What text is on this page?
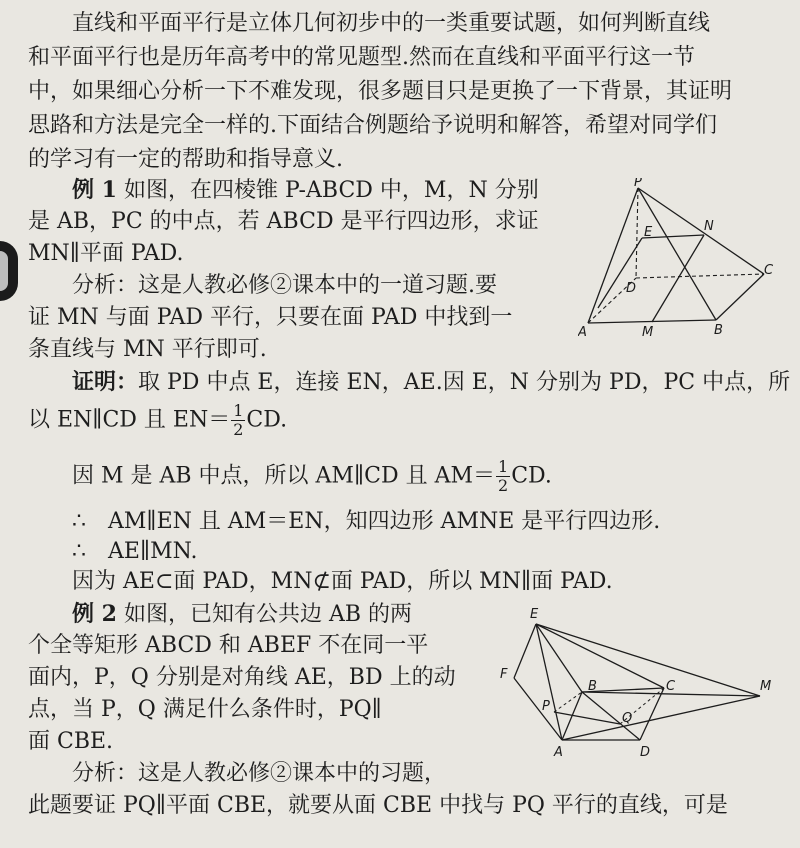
直线和平面平行是立体几何初步中的一类重要试题，如何判断直线
和平面平行也是历年高考中的常见题型.然而在直线和平面平行这一节
中，如果细心分析一下不难发现，很多题目只是更换了一下背景，其证明
思路和方法是完全一样的.下面结合例题给予说明和解答，希望对同学们
的学习有一定的帮助和指导意义.
例 1 如图，在四棱锥 P-ABCD 中，M，N 分别
是 AB，PC 的中点，若 ABCD 是平行四边形，求证
MN∥平面 PAD.
分析：这是人教必修②课本中的一道习题.要
证 MN 与面 PAD 平行，只要在面 PAD 中找到一
条直线与 MN 平行即可.
P
E	N
C
D
A	M	B
证明：取 PD 中点 E，连接 EN，AE.因 E，N 分别为 PD，PC 中点，所
以 EN∥CD 且 $EN= \frac{1}{2}$ CD.
因 M 是 AB 中点，所以 AM∥CD 且 $AM= \frac{1}{2}$ CD.
∴　AM∥EN 且 AM＝EN，知四边形 AMNE 是平行四边形.
∴　AE∥MN.
因为 AE⊂面 PAD，MN⊄面 PAD，所以 MN∥面 PAD.
例 2 如图，已知有公共边 AB 的两
个全等矩形 ABCD 和 ABEF 不在同一平
面内，P，Q 分别是对角线 AE，BD 上的动
点，当 P，Q 满足什么条件时，PQ∥
面 CBE.
分析：这是人教必修②课本中的习题，
此题要证 PQ∥平面 CBE，就要从面 CBE 中找与 PQ 平行的直线，可是
E
F
B	C	M
P
Q
A	D
